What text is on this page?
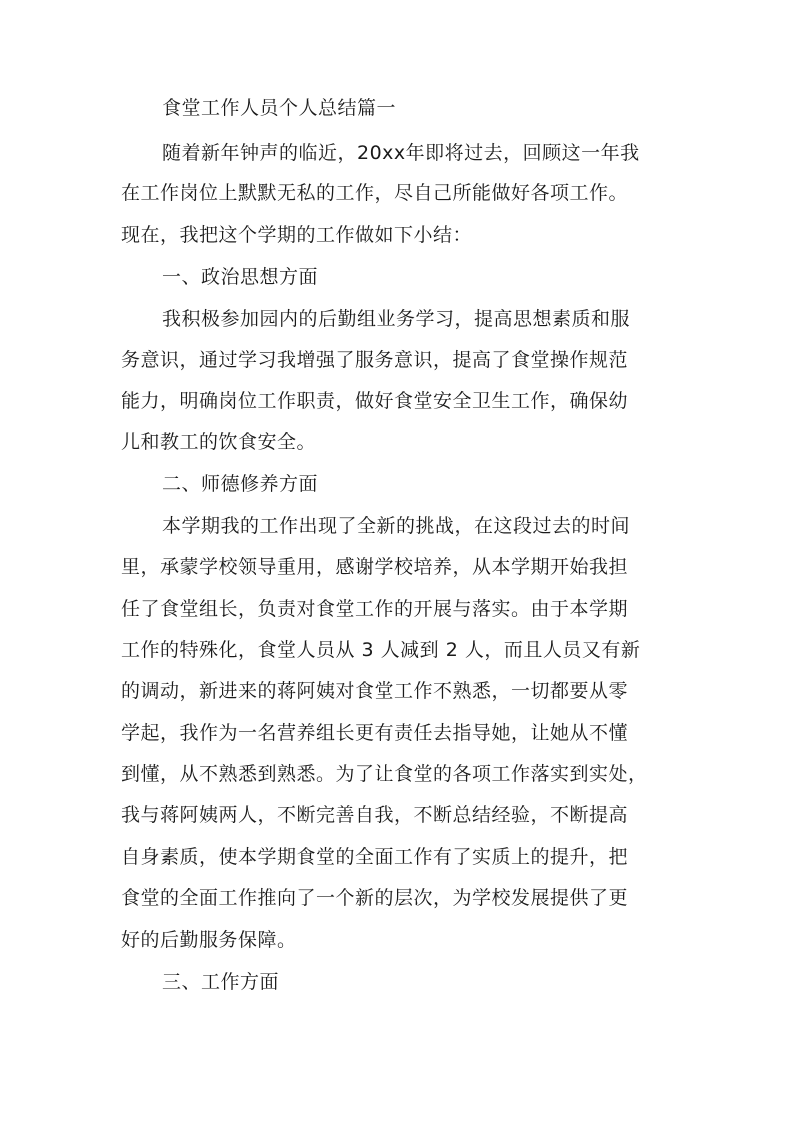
食堂工作人员个人总结篇一
随着新年钟声的临近，20xx年即将过去，回顾这一年我
在工作岗位上默默无私的工作，尽自己所能做好各项工作。
现在，我把这个学期的工作做如下小结：
一、政治思想方面
我积极参加园内的后勤组业务学习，提高思想素质和服
务意识，通过学习我增强了服务意识，提高了食堂操作规范
能力，明确岗位工作职责，做好食堂安全卫生工作，确保幼
儿和教工的饮食安全。
二、师德修养方面
本学期我的工作出现了全新的挑战，在这段过去的时间
里，承蒙学校领导重用，感谢学校培养，从本学期开始我担
任了食堂组长，负责对食堂工作的开展与落实。由于本学期
工作的特殊化，食堂人员从 3 人减到 2 人，而且人员又有新
的调动，新进来的蒋阿姨对食堂工作不熟悉，一切都要从零
学起，我作为一名营养组长更有责任去指导她，让她从不懂
到懂，从不熟悉到熟悉。为了让食堂的各项工作落实到实处，
我与蒋阿姨两人，不断完善自我，不断总结经验，不断提高
自身素质，使本学期食堂的全面工作有了实质上的提升，把
食堂的全面工作推向了一个新的层次，为学校发展提供了更
好的后勤服务保障。
三、工作方面
